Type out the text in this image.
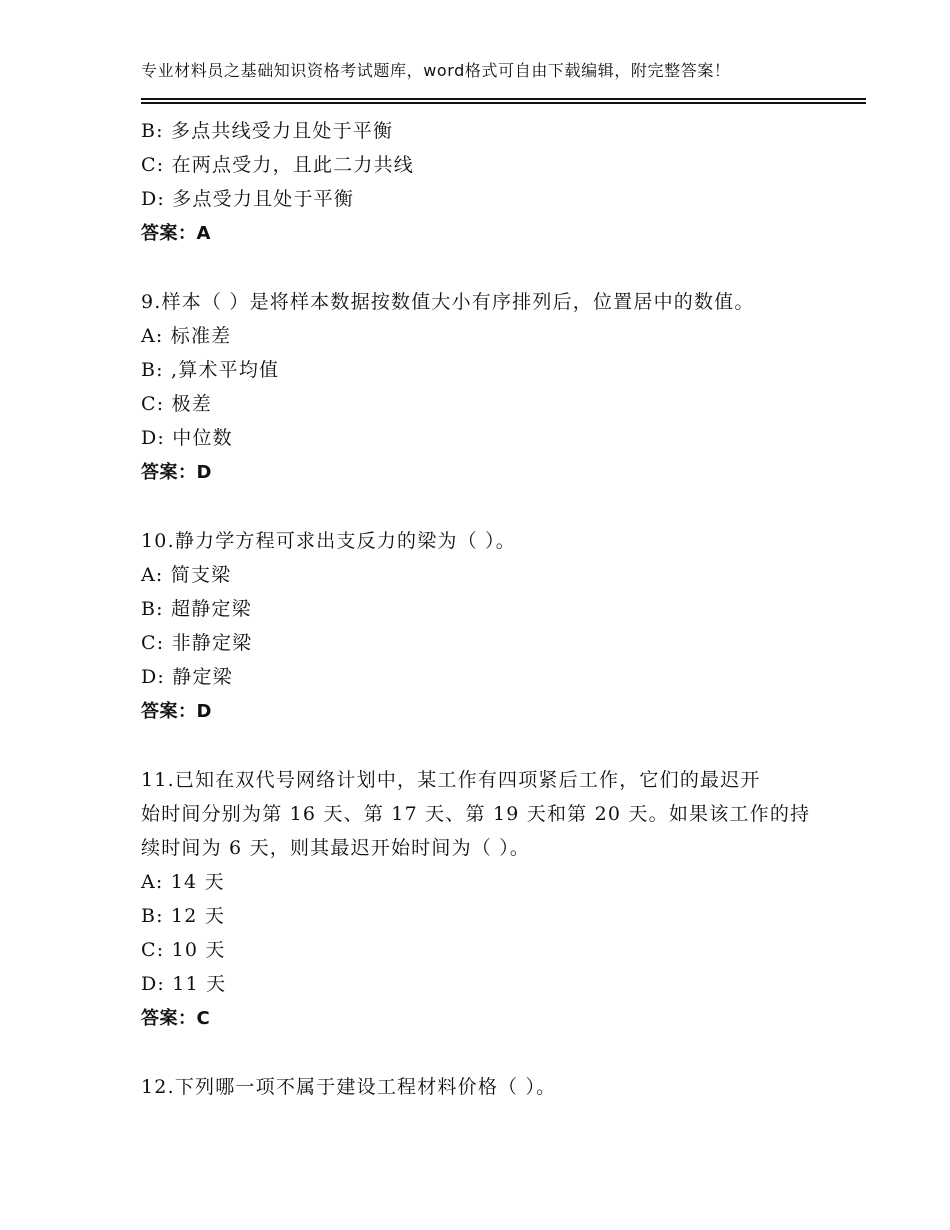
专业材料员之基础知识资格考试题库，word格式可自由下载编辑，附完整答案！
B: 多点共线受力且处于平衡
C: 在两点受力，且此二力共线
D: 多点受力且处于平衡
答案：A
9.样本（ ）是将样本数据按数值大小有序排列后，位置居中的数值。
A: 标准差
B: ,算术平均值
C: 极差
D: 中位数
答案：D
10.静力学方程可求出支反力的梁为（ ）。
A: 简支梁
B: 超静定梁
C: 非静定梁
D: 静定梁
答案：D
11.已知在双代号网络计划中，某工作有四项紧后工作，它们的最迟开
始时间分别为第 16 天、第 17 天、第 19 天和第 20 天。如果该工作的持
续时间为 6 天，则其最迟开始时间为（ ）。
A: 14 天
B: 12 天
C: 10 天
D: 11 天
答案：C
12.下列哪一项不属于建设工程材料价格（ ）。
